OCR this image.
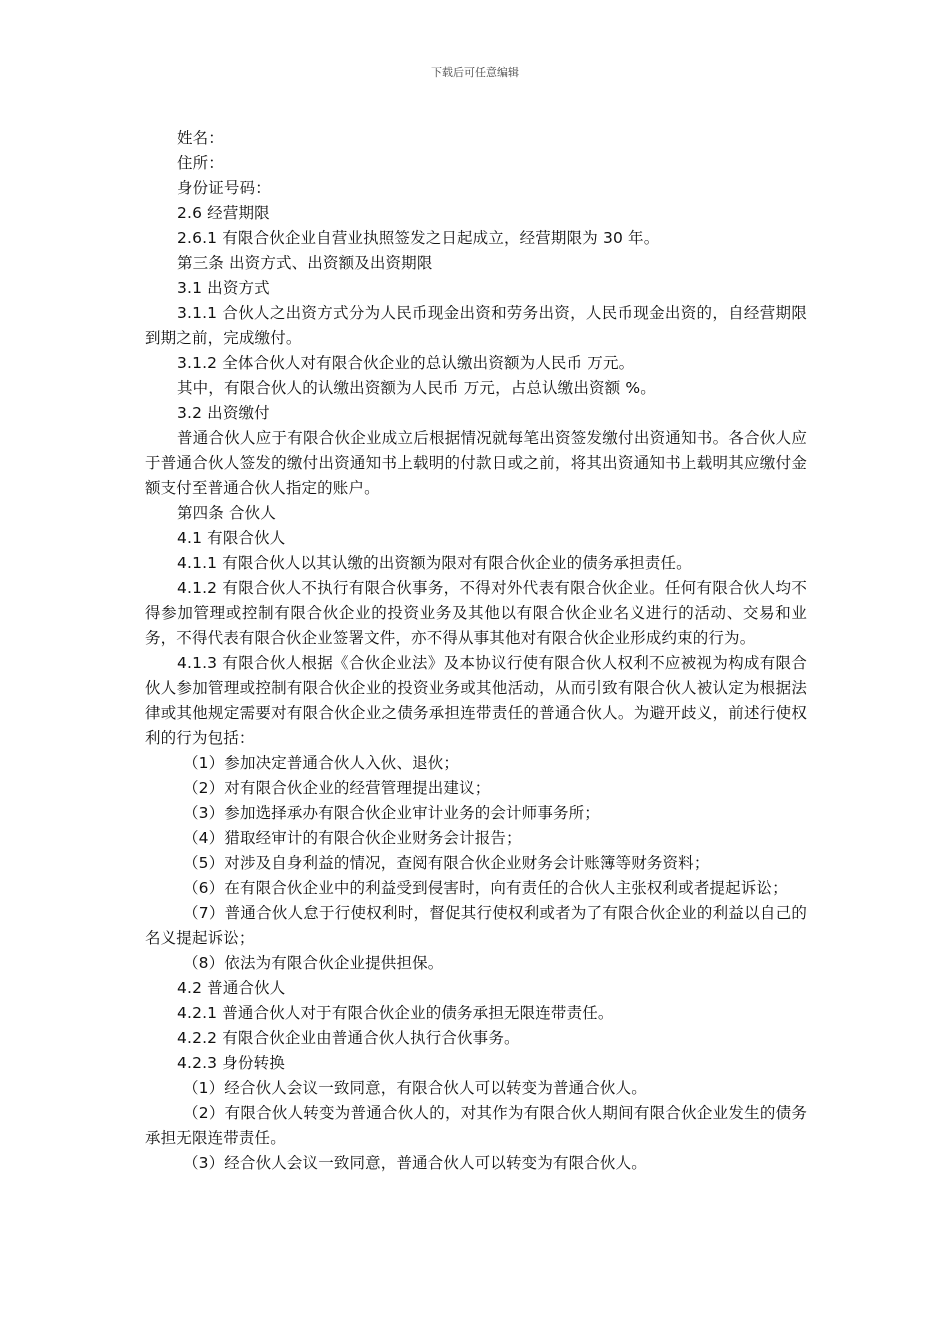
下载后可任意编辑

姓名：

住所：

身份证号码：

2.6 经营期限

2.6.1 有限合伙企业自营业执照签发之日起成立，经营期限为 30 年。

第三条 出资方式、出资额及出资期限

3.1 出资方式

3.1.1 合伙人之出资方式分为人民币现金出资和劳务出资，人民币现金出资的，自经营期限到期之前，完成缴付。

3.1.2 全体合伙人对有限合伙企业的总认缴出资额为人民币 万元。

其中，有限合伙人的认缴出资额为人民币 万元，占总认缴出资额 %。

3.2 出资缴付

普通合伙人应于有限合伙企业成立后根据情况就每笔出资签发缴付出资通知书。各合伙人应于普通合伙人签发的缴付出资通知书上载明的付款日或之前，将其出资通知书上载明其应缴付金额支付至普通合伙人指定的账户。

第四条 合伙人

4.1 有限合伙人

4.1.1 有限合伙人以其认缴的出资额为限对有限合伙企业的债务承担责任。

4.1.2 有限合伙人不执行有限合伙事务，不得对外代表有限合伙企业。任何有限合伙人均不得参加管理或控制有限合伙企业的投资业务及其他以有限合伙企业名义进行的活动、交易和业务，不得代表有限合伙企业签署文件，亦不得从事其他对有限合伙企业形成约束的行为。

4.1.3 有限合伙人根据《合伙企业法》及本协议行使有限合伙人权利不应被视为构成有限合伙人参加管理或控制有限合伙企业的投资业务或其他活动，从而引致有限合伙人被认定为根据法律或其他规定需要对有限合伙企业之债务承担连带责任的普通合伙人。为避开歧义，前述行使权利的行为包括：

（1）参加决定普通合伙人入伙、退伙；

（2）对有限合伙企业的经营管理提出建议；

（3）参加选择承办有限合伙企业审计业务的会计师事务所；

（4）猎取经审计的有限合伙企业财务会计报告；

（5）对涉及自身利益的情况，查阅有限合伙企业财务会计账簿等财务资料；

（6）在有限合伙企业中的利益受到侵害时，向有责任的合伙人主张权利或者提起诉讼；

（7）普通合伙人怠于行使权利时，督促其行使权利或者为了有限合伙企业的利益以自己的名义提起诉讼；

（8）依法为有限合伙企业提供担保。

4.2 普通合伙人

4.2.1 普通合伙人对于有限合伙企业的债务承担无限连带责任。

4.2.2 有限合伙企业由普通合伙人执行合伙事务。

4.2.3 身份转换

（1）经合伙人会议一致同意，有限合伙人可以转变为普通合伙人。

（2）有限合伙人转变为普通合伙人的，对其作为有限合伙人期间有限合伙企业发生的债务承担无限连带责任。

（3）经合伙人会议一致同意，普通合伙人可以转变为有限合伙人。
